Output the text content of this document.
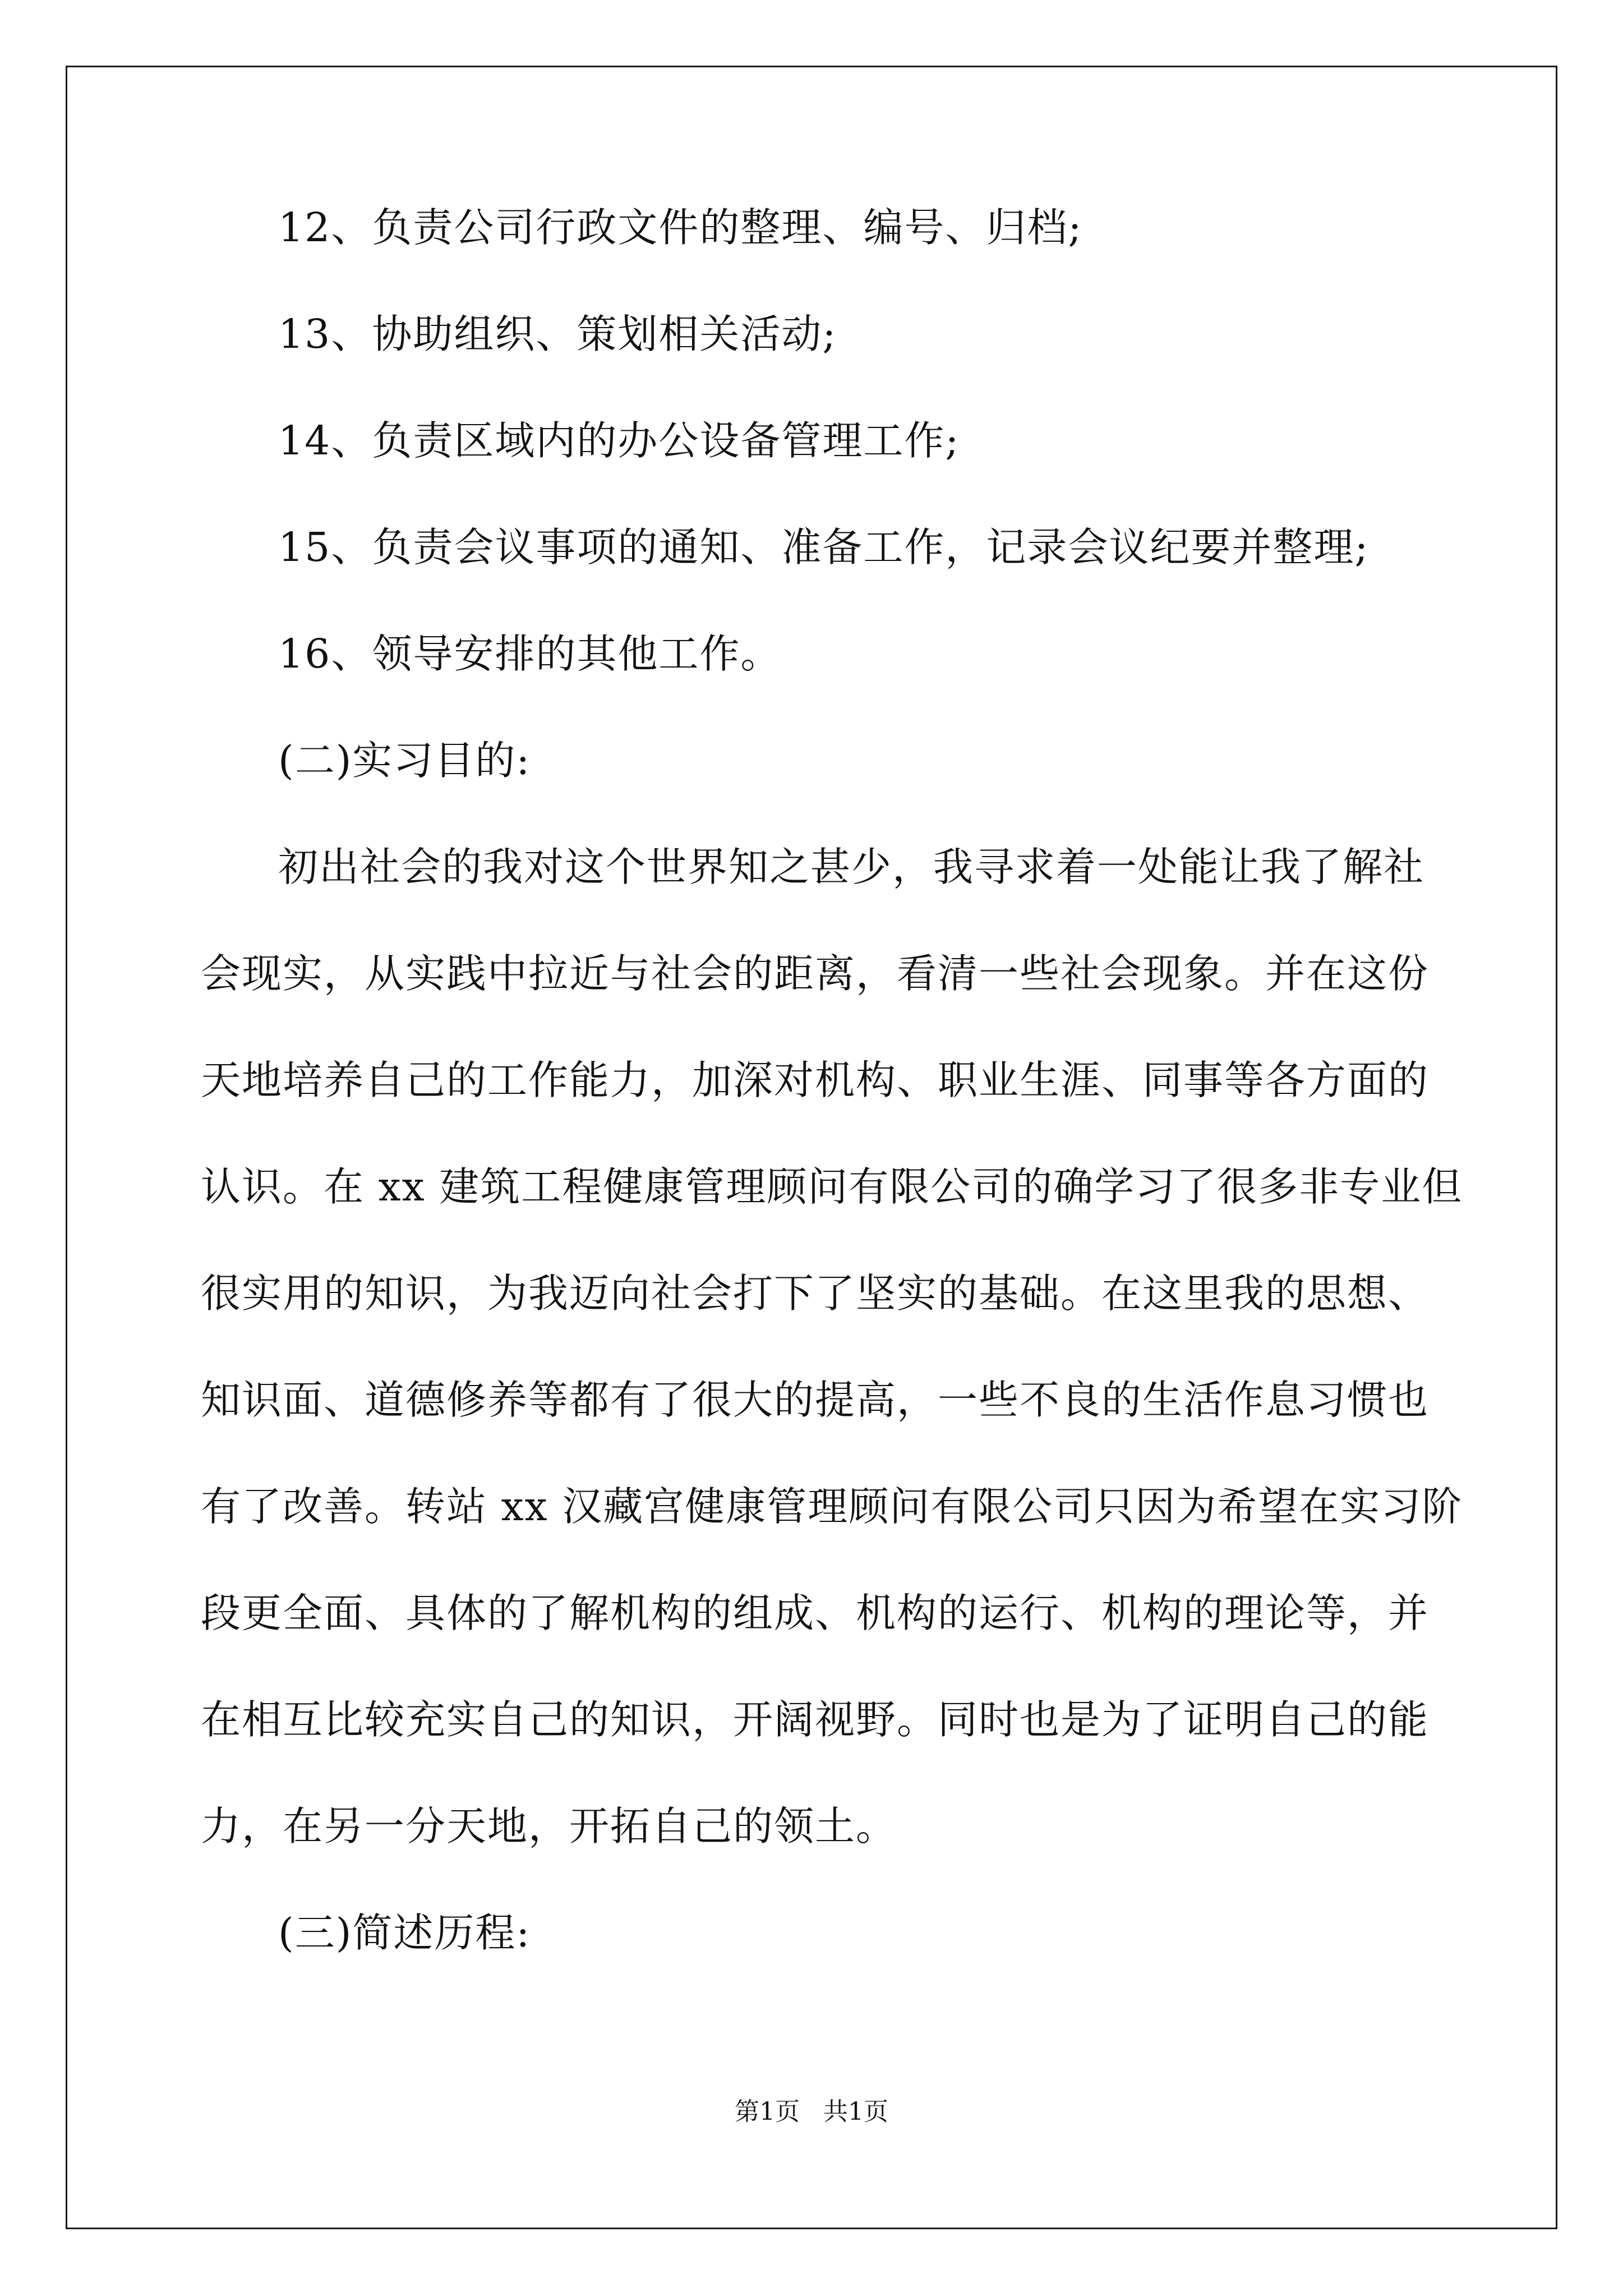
12、负责公司行政文件的整理、编号、归档;
13、协助组织、策划相关活动;
14、负责区域内的办公设备管理工作;
15、负责会议事项的通知、准备工作，记录会议纪要并整理;
16、领导安排的其他工作。
(二)实习目的:
初出社会的我对这个世界知之甚少，我寻求着一处能让我了解社
会现实，从实践中拉近与社会的距离，看清一些社会现象。并在这份
天地培养自己的工作能力，加深对机构、职业生涯、同事等各方面的
认识。在 xx 建筑工程健康管理顾问有限公司的确学习了很多非专业但
很实用的知识，为我迈向社会打下了坚实的基础。在这里我的思想、
知识面、道德修养等都有了很大的提高，一些不良的生活作息习惯也
有了改善。转站 xx 汉藏宫健康管理顾问有限公司只因为希望在实习阶
段更全面、具体的了解机构的组成、机构的运行、机构的理论等，并
在相互比较充实自己的知识，开阔视野。同时也是为了证明自己的能
力，在另一分天地，开拓自己的领土。
(三)简述历程:
第1页   共1页
